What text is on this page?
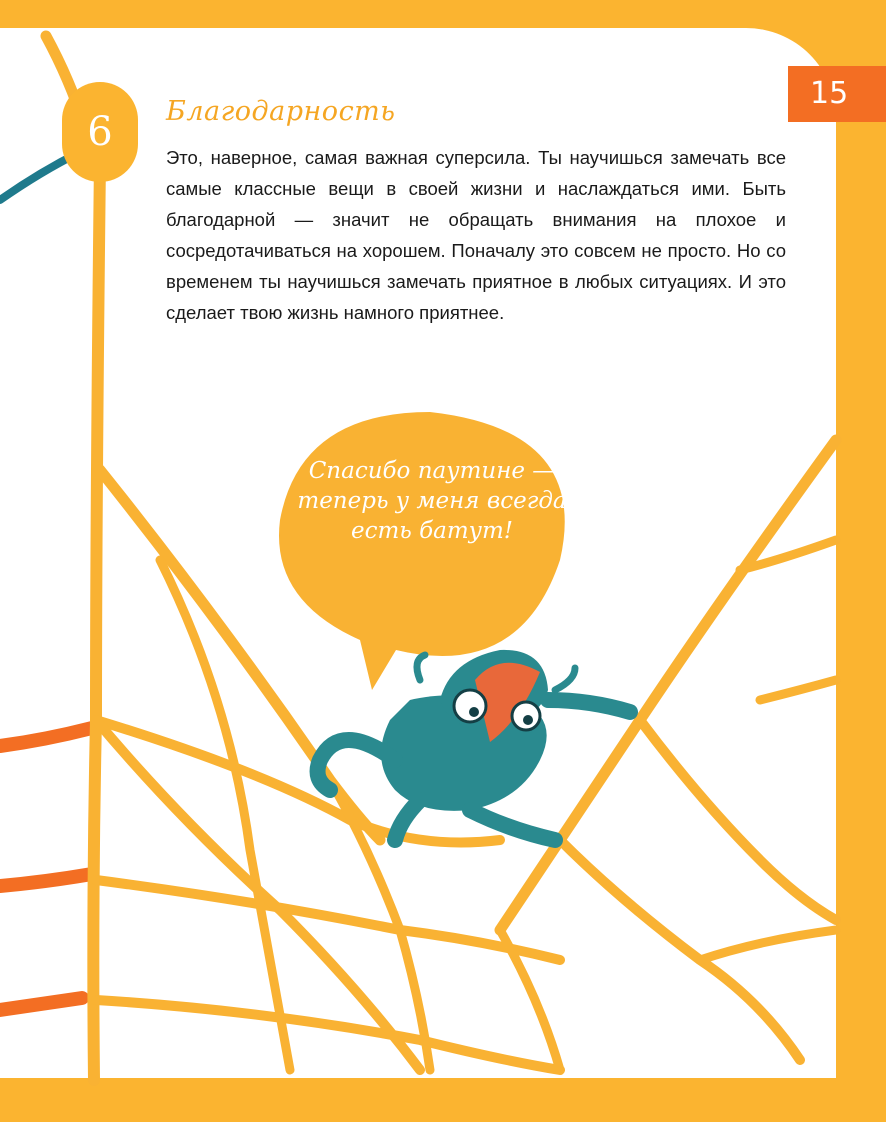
15
6	Благодарность

Это, наверное, самая важная суперсила. Ты научишься замечать все самые классные вещи в своей жизни и наслаждаться ими. Быть благодарной — значит не обращать внимания на плохое и сосредотачиваться на хорошем. Поначалу это совсем не просто. Но со временем ты научишься замечать приятное в любых ситуациях. И это сделает твою жизнь намного приятнее.

Спасибо паутине — теперь у меня всегда есть батут!
